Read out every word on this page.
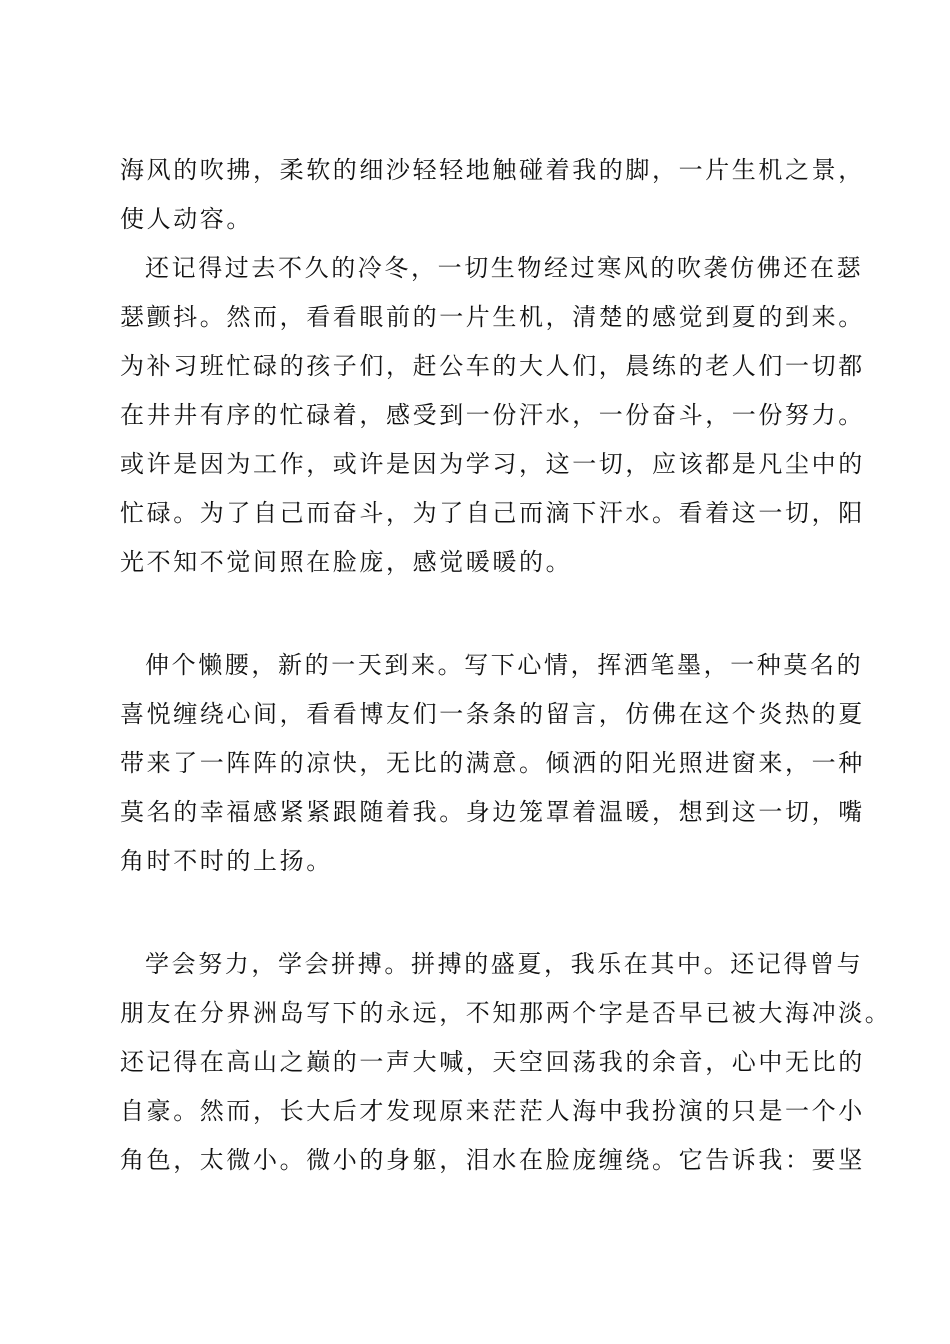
海风的吹拂，柔软的细沙轻轻地触碰着我的脚，一片生机之景，
使人动容。
还记得过去不久的冷冬，一切生物经过寒风的吹袭仿佛还在瑟
瑟颤抖。然而，看看眼前的一片生机，清楚的感觉到夏的到来。
为补习班忙碌的孩子们，赶公车的大人们，晨练的老人们一切都
在井井有序的忙碌着，感受到一份汗水，一份奋斗，一份努力。
或许是因为工作，或许是因为学习，这一切，应该都是凡尘中的
忙碌。为了自己而奋斗，为了自己而滴下汗水。看着这一切，阳
光不知不觉间照在脸庞，感觉暖暖的。
伸个懒腰，新的一天到来。写下心情，挥洒笔墨，一种莫名的
喜悦缠绕心间，看看博友们一条条的留言，仿佛在这个炎热的夏
带来了一阵阵的凉快，无比的满意。倾洒的阳光照进窗来，一种
莫名的幸福感紧紧跟随着我。身边笼罩着温暖，想到这一切，嘴
角时不时的上扬。
学会努力，学会拼搏。拼搏的盛夏，我乐在其中。还记得曾与
朋友在分界洲岛写下的永远，不知那两个字是否早已被大海冲淡。
还记得在高山之巅的一声大喊，天空回荡我的余音，心中无比的
自豪。然而，长大后才发现原来茫茫人海中我扮演的只是一个小
角色，太微小。微小的身躯，泪水在脸庞缠绕。它告诉我：要坚
